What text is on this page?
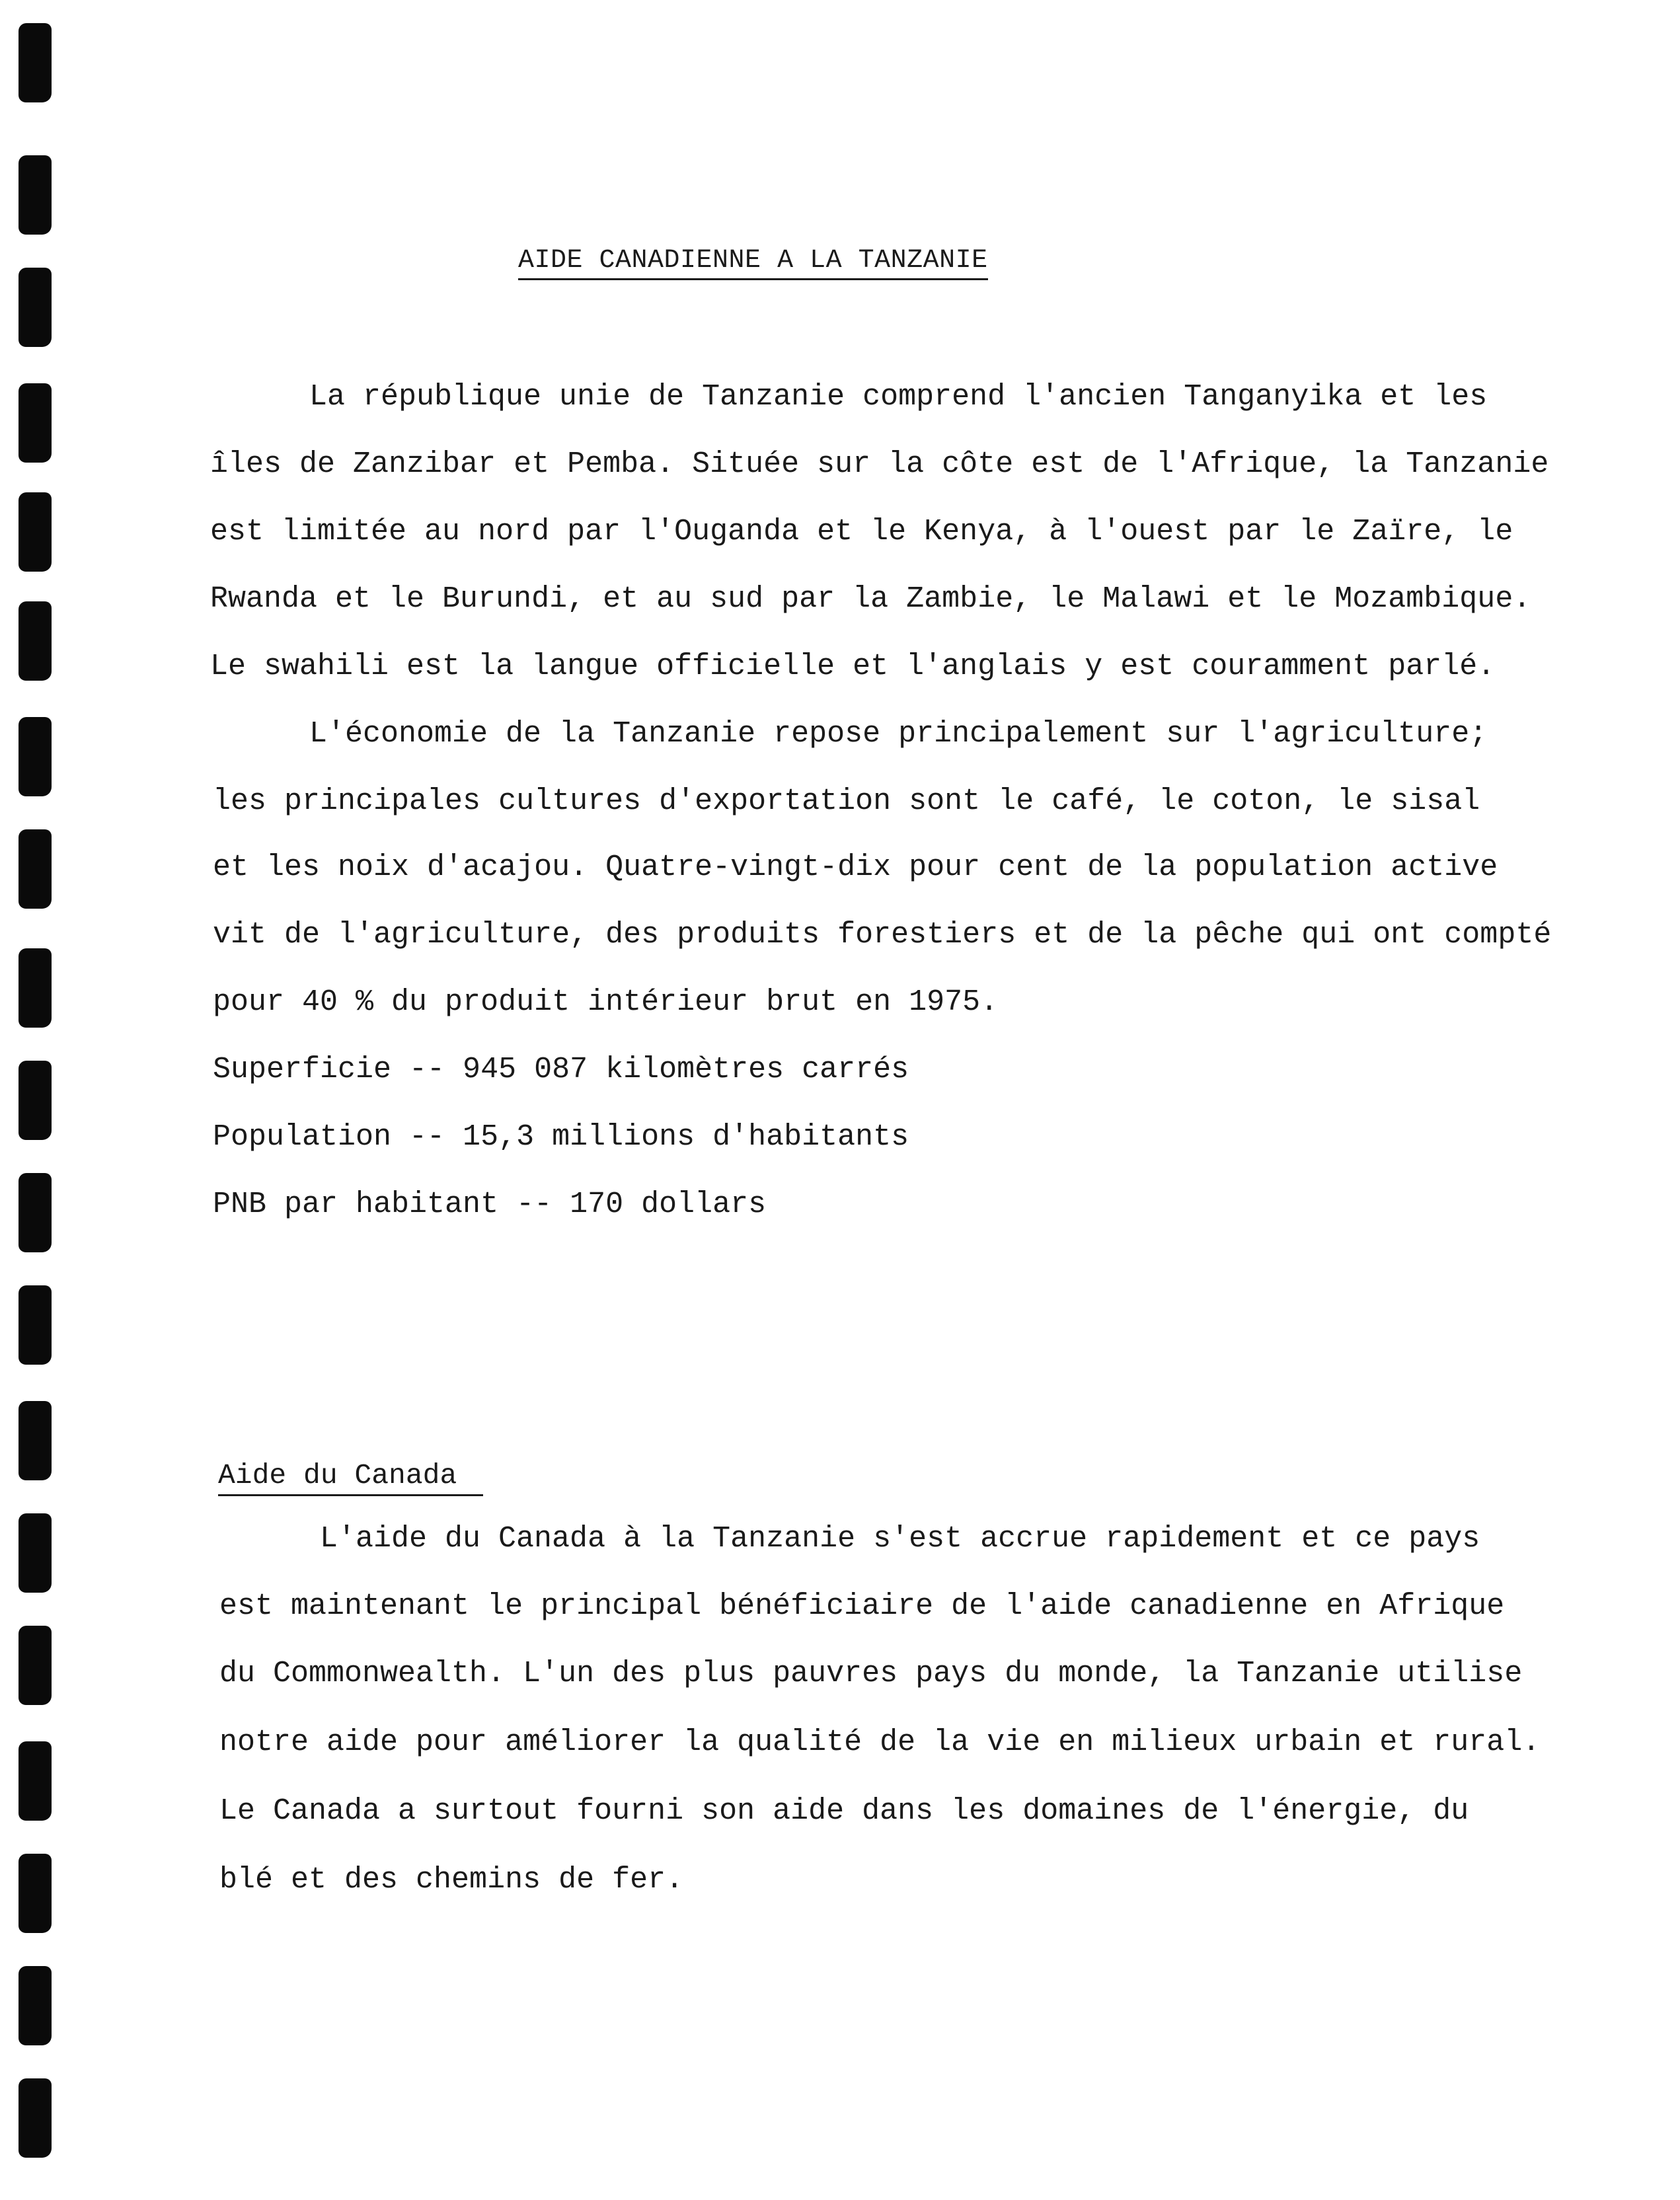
AIDE CANADIENNE A LA TANZANIE

La république unie de Tanzanie comprend l'ancien Tanganyika et les

îles de Zanzibar et Pemba. Située sur la côte est de l'Afrique, la Tanzanie

est limitée au nord par l'Ouganda et le Kenya, à l'ouest par le Zaïre, le

Rwanda et le Burundi, et au sud par la Zambie, le Malawi et le Mozambique.

Le swahili est la langue officielle et l'anglais y est couramment parlé.

L'économie de la Tanzanie repose principalement sur l'agriculture;

les principales cultures d'exportation sont le café, le coton, le sisal

et les noix d'acajou. Quatre-vingt-dix pour cent de la population active

vit de l'agriculture, des produits forestiers et de la pêche qui ont compté

pour 40 % du produit intérieur brut en 1975.

Superficie -- 945 087 kilomètres carrés

Population -- 15,3 millions d'habitants

PNB par habitant -- 170 dollars

Aide du Canada

L'aide du Canada à la Tanzanie s'est accrue rapidement et ce pays

est maintenant le principal bénéficiaire de l'aide canadienne en Afrique

du Commonwealth. L'un des plus pauvres pays du monde, la Tanzanie utilise

notre aide pour améliorer la qualité de la vie en milieux urbain et rural.

Le Canada a surtout fourni son aide dans les domaines de l'énergie, du

blé et des chemins de fer.
